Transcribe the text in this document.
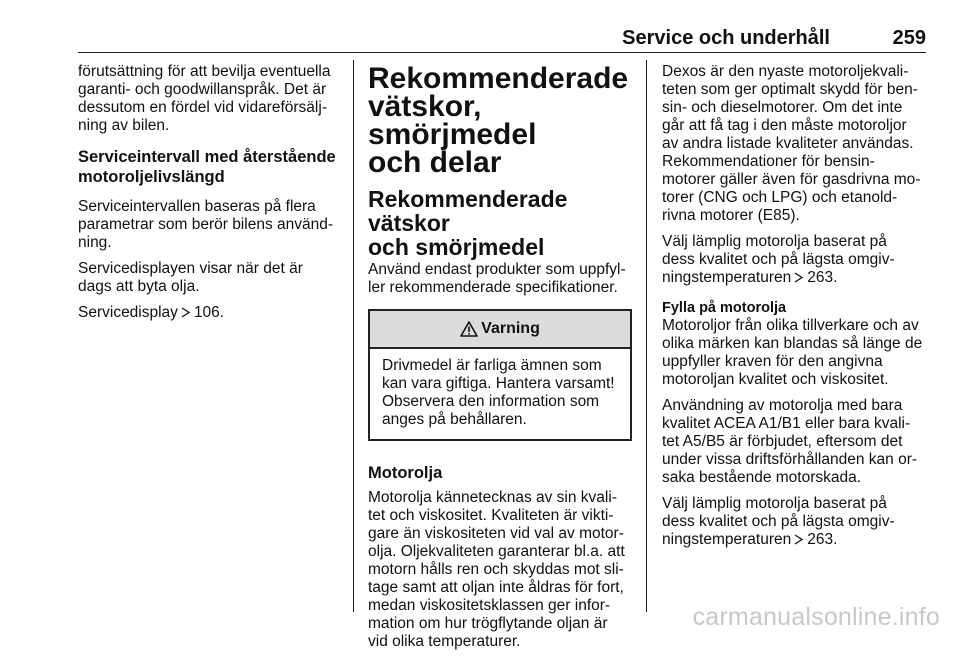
Service och underhåll	259

förutsättning för att bevilja eventuella
garanti- och goodwillanspråk. Det är
dessutom en fördel vid vidareförsälj-
ning av bilen.

Serviceintervall med återstående
motoroljelivslängd

Serviceintervallen baseras på flera
parametrar som berör bilens använd-
ning.

Servicedisplayen visar när det är
dags att byta olja.

Servicedisplay 106.

Rekommenderade
vätskor, smörjmedel
och delar
Rekommenderade vätskor
och smörjmedel

Använd endast produkter som uppfyl-
ler rekommenderade specifikationer.

Varning
Drivmedel är farliga ämnen som
kan vara giftiga. Hantera varsamt!
Observera den information som
anges på behållaren.
Motorolja

Motorolja kännetecknas av sin kvali-
tet och viskositet. Kvaliteten är vikti-
gare än viskositeten vid val av motor-
olja. Oljekvaliteten garanterar bl.a. att
motorn hålls ren och skyddas mot sli-
tage samt att oljan inte åldras för fort,
medan viskositetsklassen ger infor-
mation om hur trögflytande oljan är
vid olika temperaturer.

Dexos är den nyaste motoroljekvali-
teten som ger optimalt skydd för ben-
sin- och dieselmotorer. Om det inte
går att få tag i den måste motoroljor
av andra listade kvaliteter användas.
Rekommendationer för bensin-
motorer gäller även för gasdrivna mo-
torer (CNG och LPG) och etanold-
rivna motorer (E85).

Välj lämplig motorolja baserat på
dess kvalitet och på lägsta omgiv-
ningstemperaturen 263.

Fylla på motorolja

Motoroljor från olika tillverkare och av
olika märken kan blandas så länge de
uppfyller kraven för den angivna
motoroljan kvalitet och viskositet.

Användning av motorolja med bara
kvalitet ACEA A1/B1 eller bara kvali-
tet A5/B5 är förbjudet, eftersom det
under vissa driftsförhållanden kan or-
saka bestående motorskada.

Välj lämplig motorolja baserat på
dess kvalitet och på lägsta omgiv-
ningstemperaturen 263.

carmanualsonline.info
